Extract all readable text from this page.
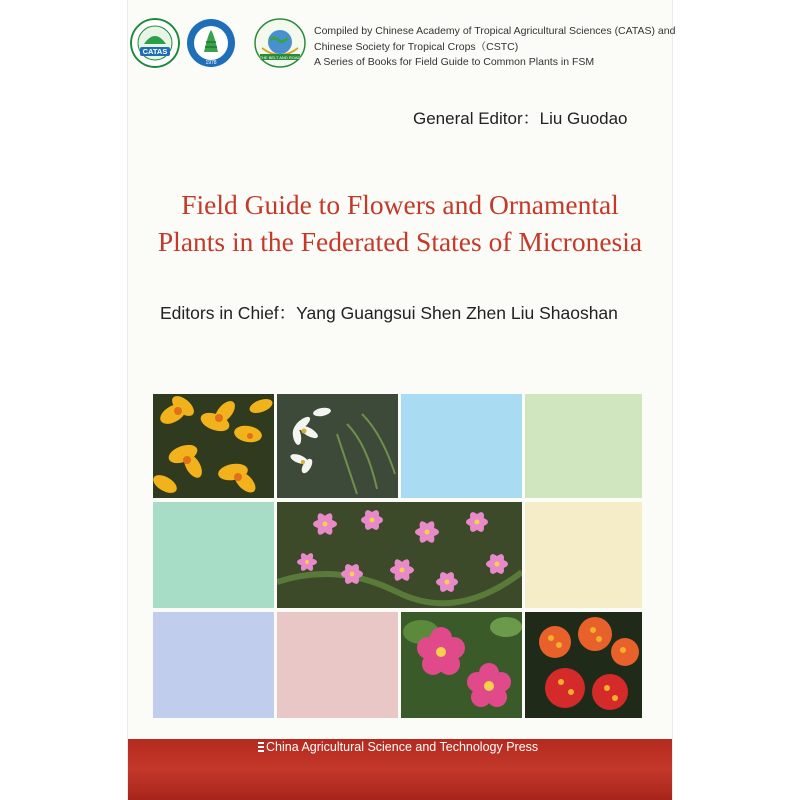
CATAS
1978
THE BELT AND ROAD
Compiled by Chinese Academy of Tropical Agricultural Sciences (CATAS) and
Chinese Society for Tropical Crops（CSTC)
A Series of Books for Field Guide to Common Plants in FSM
General Editor：Liu Guodao
Field Guide to Flowers and Ornamental
Plants in the Federated States of Micronesia
Editors in Chief：Yang Guangsui Shen Zhen Liu Shaoshan
China Agricultural Science and Technology Press
